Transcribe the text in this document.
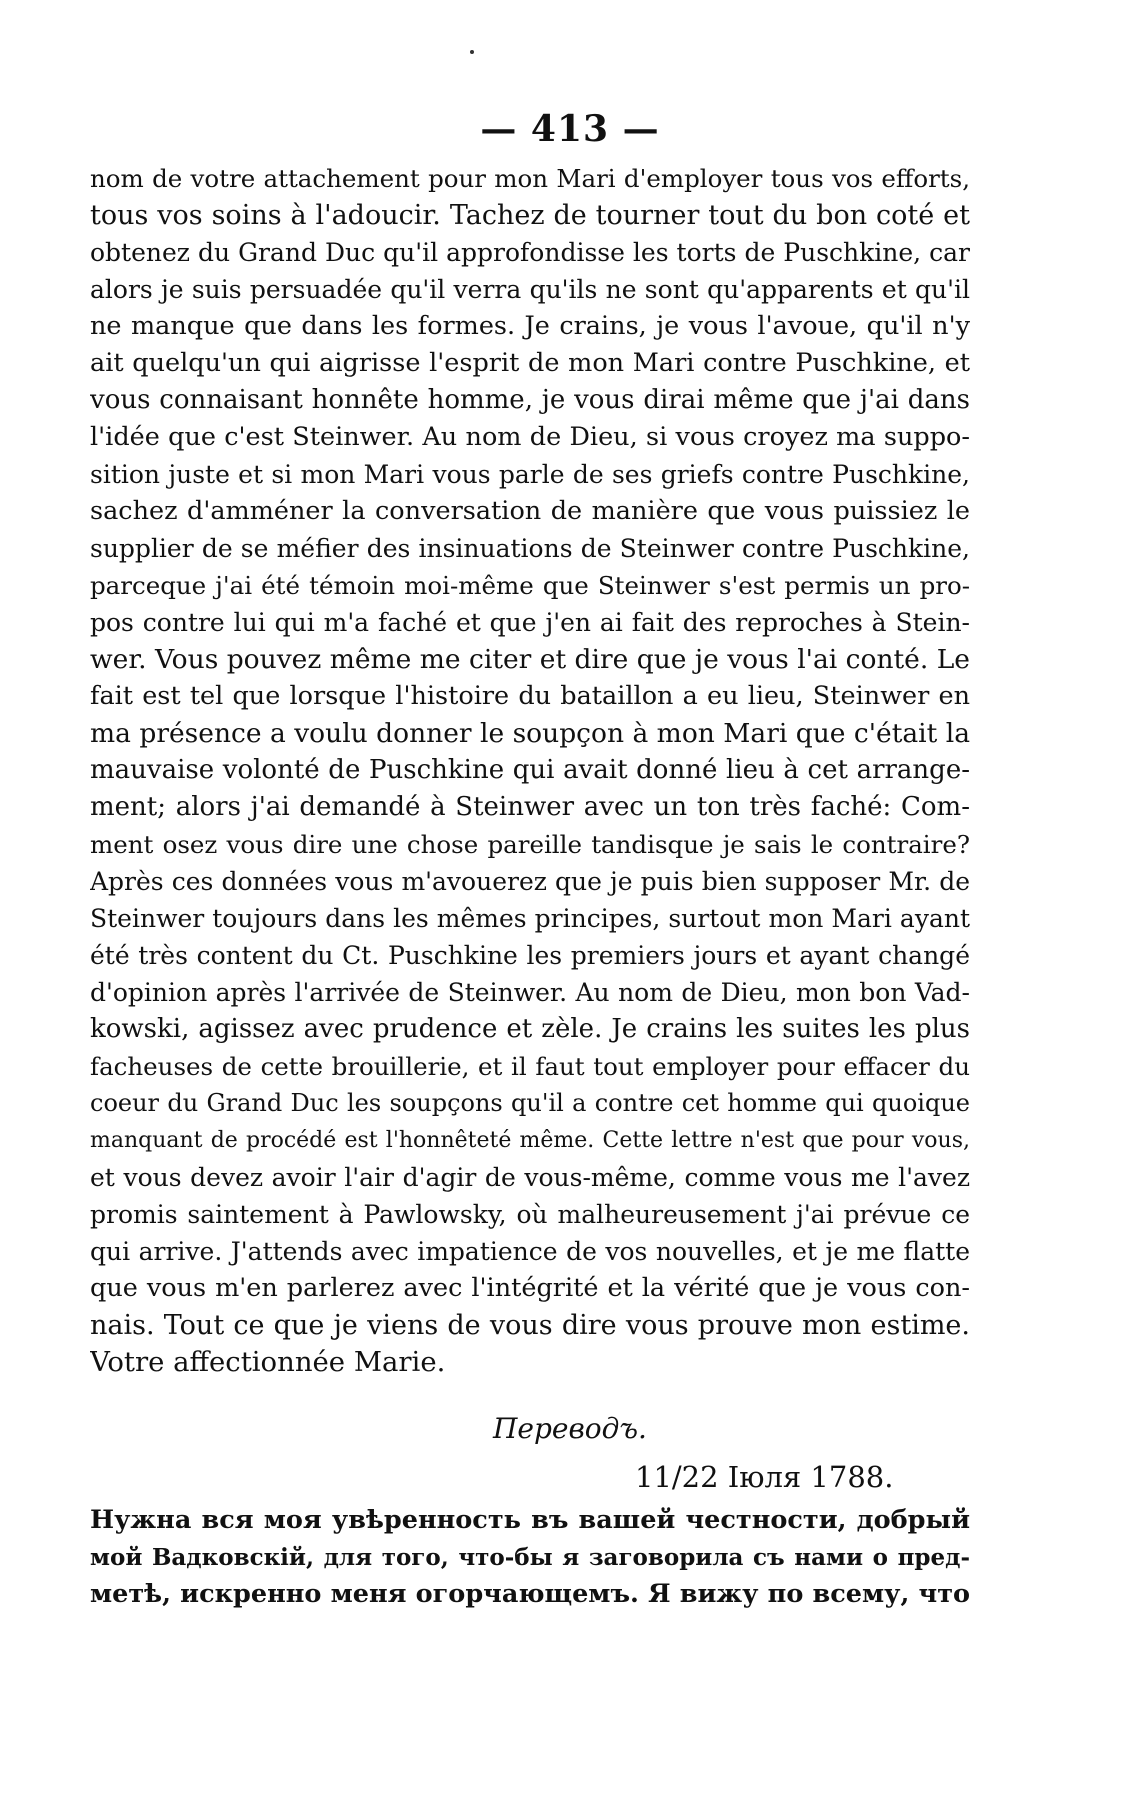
— 413 —
nom de votre attachement pour mon Mari d'employer tous vos efforts,
tous vos soins à l'adoucir. Tachez de tourner tout du bon coté et
obtenez du Grand Duc qu'il approfondisse les torts de Puschkine, car
alors je suis persuadée qu'il verra qu'ils ne sont qu'apparents et qu'il
ne manque que dans les formes. Je crains, je vous l'avoue, qu'il n'y
ait quelqu'un qui aigrisse l'esprit de mon Mari contre Puschkine, et
vous connaisant honnête homme, je vous dirai même que j'ai dans
l'idée que c'est Steinwer. Au nom de Dieu, si vous croyez ma suppo-
sition juste et si mon Mari vous parle de ses griefs contre Puschkine,
sachez d'amméner la conversation de manière que vous puissiez le
supplier de se méfier des insinuations de Steinwer contre Puschkine,
parceque j'ai été témoin moi-même que Steinwer s'est permis un pro-
pos contre lui qui m'a faché et que j'en ai fait des reproches à Stein-
wer. Vous pouvez même me citer et dire que je vous l'ai conté. Le
fait est tel que lorsque l'histoire du bataillon a eu lieu, Steinwer en
ma présence a voulu donner le soupçon à mon Mari que c'était la
mauvaise volonté de Puschkine qui avait donné lieu à cet arrange-
ment; alors j'ai demandé à Steinwer avec un ton très faché: Com-
ment osez vous dire une chose pareille tandisque je sais le contraire?
Après ces données vous m'avouerez que je puis bien supposer Mr. de
Steinwer toujours dans les mêmes principes, surtout mon Mari ayant
été très content du Ct. Puschkine les premiers jours et ayant changé
d'opinion après l'arrivée de Steinwer. Au nom de Dieu, mon bon Vad-
kowski, agissez avec prudence et zèle. Je crains les suites les plus
facheuses de cette brouillerie, et il faut tout employer pour effacer du
coeur du Grand Duc les soupçons qu'il a contre cet homme qui quoique
manquant de procédé est l'honnêteté même. Cette lettre n'est que pour vous,
et vous devez avoir l'air d'agir de vous-même, comme vous me l'avez
promis saintement à Pawlowsky, où malheureusement j'ai prévue ce
qui arrive. J'attends avec impatience de vos nouvelles, et je me flatte
que vous m'en parlerez avec l'intégrité et la vérité que je vous con-
nais. Tout ce que je viens de vous dire vous prouve mon estime.
Votre affectionnée Marie.
Переводъ.
11/22 Іюля 1788.
Нужна вся моя увѣренность въ вашей честности, добрый
мой Вадковскій, для того, что-бы я заговорила съ нами о пред-
метѣ, искренно меня огорчающемъ. Я вижу по всему, что
